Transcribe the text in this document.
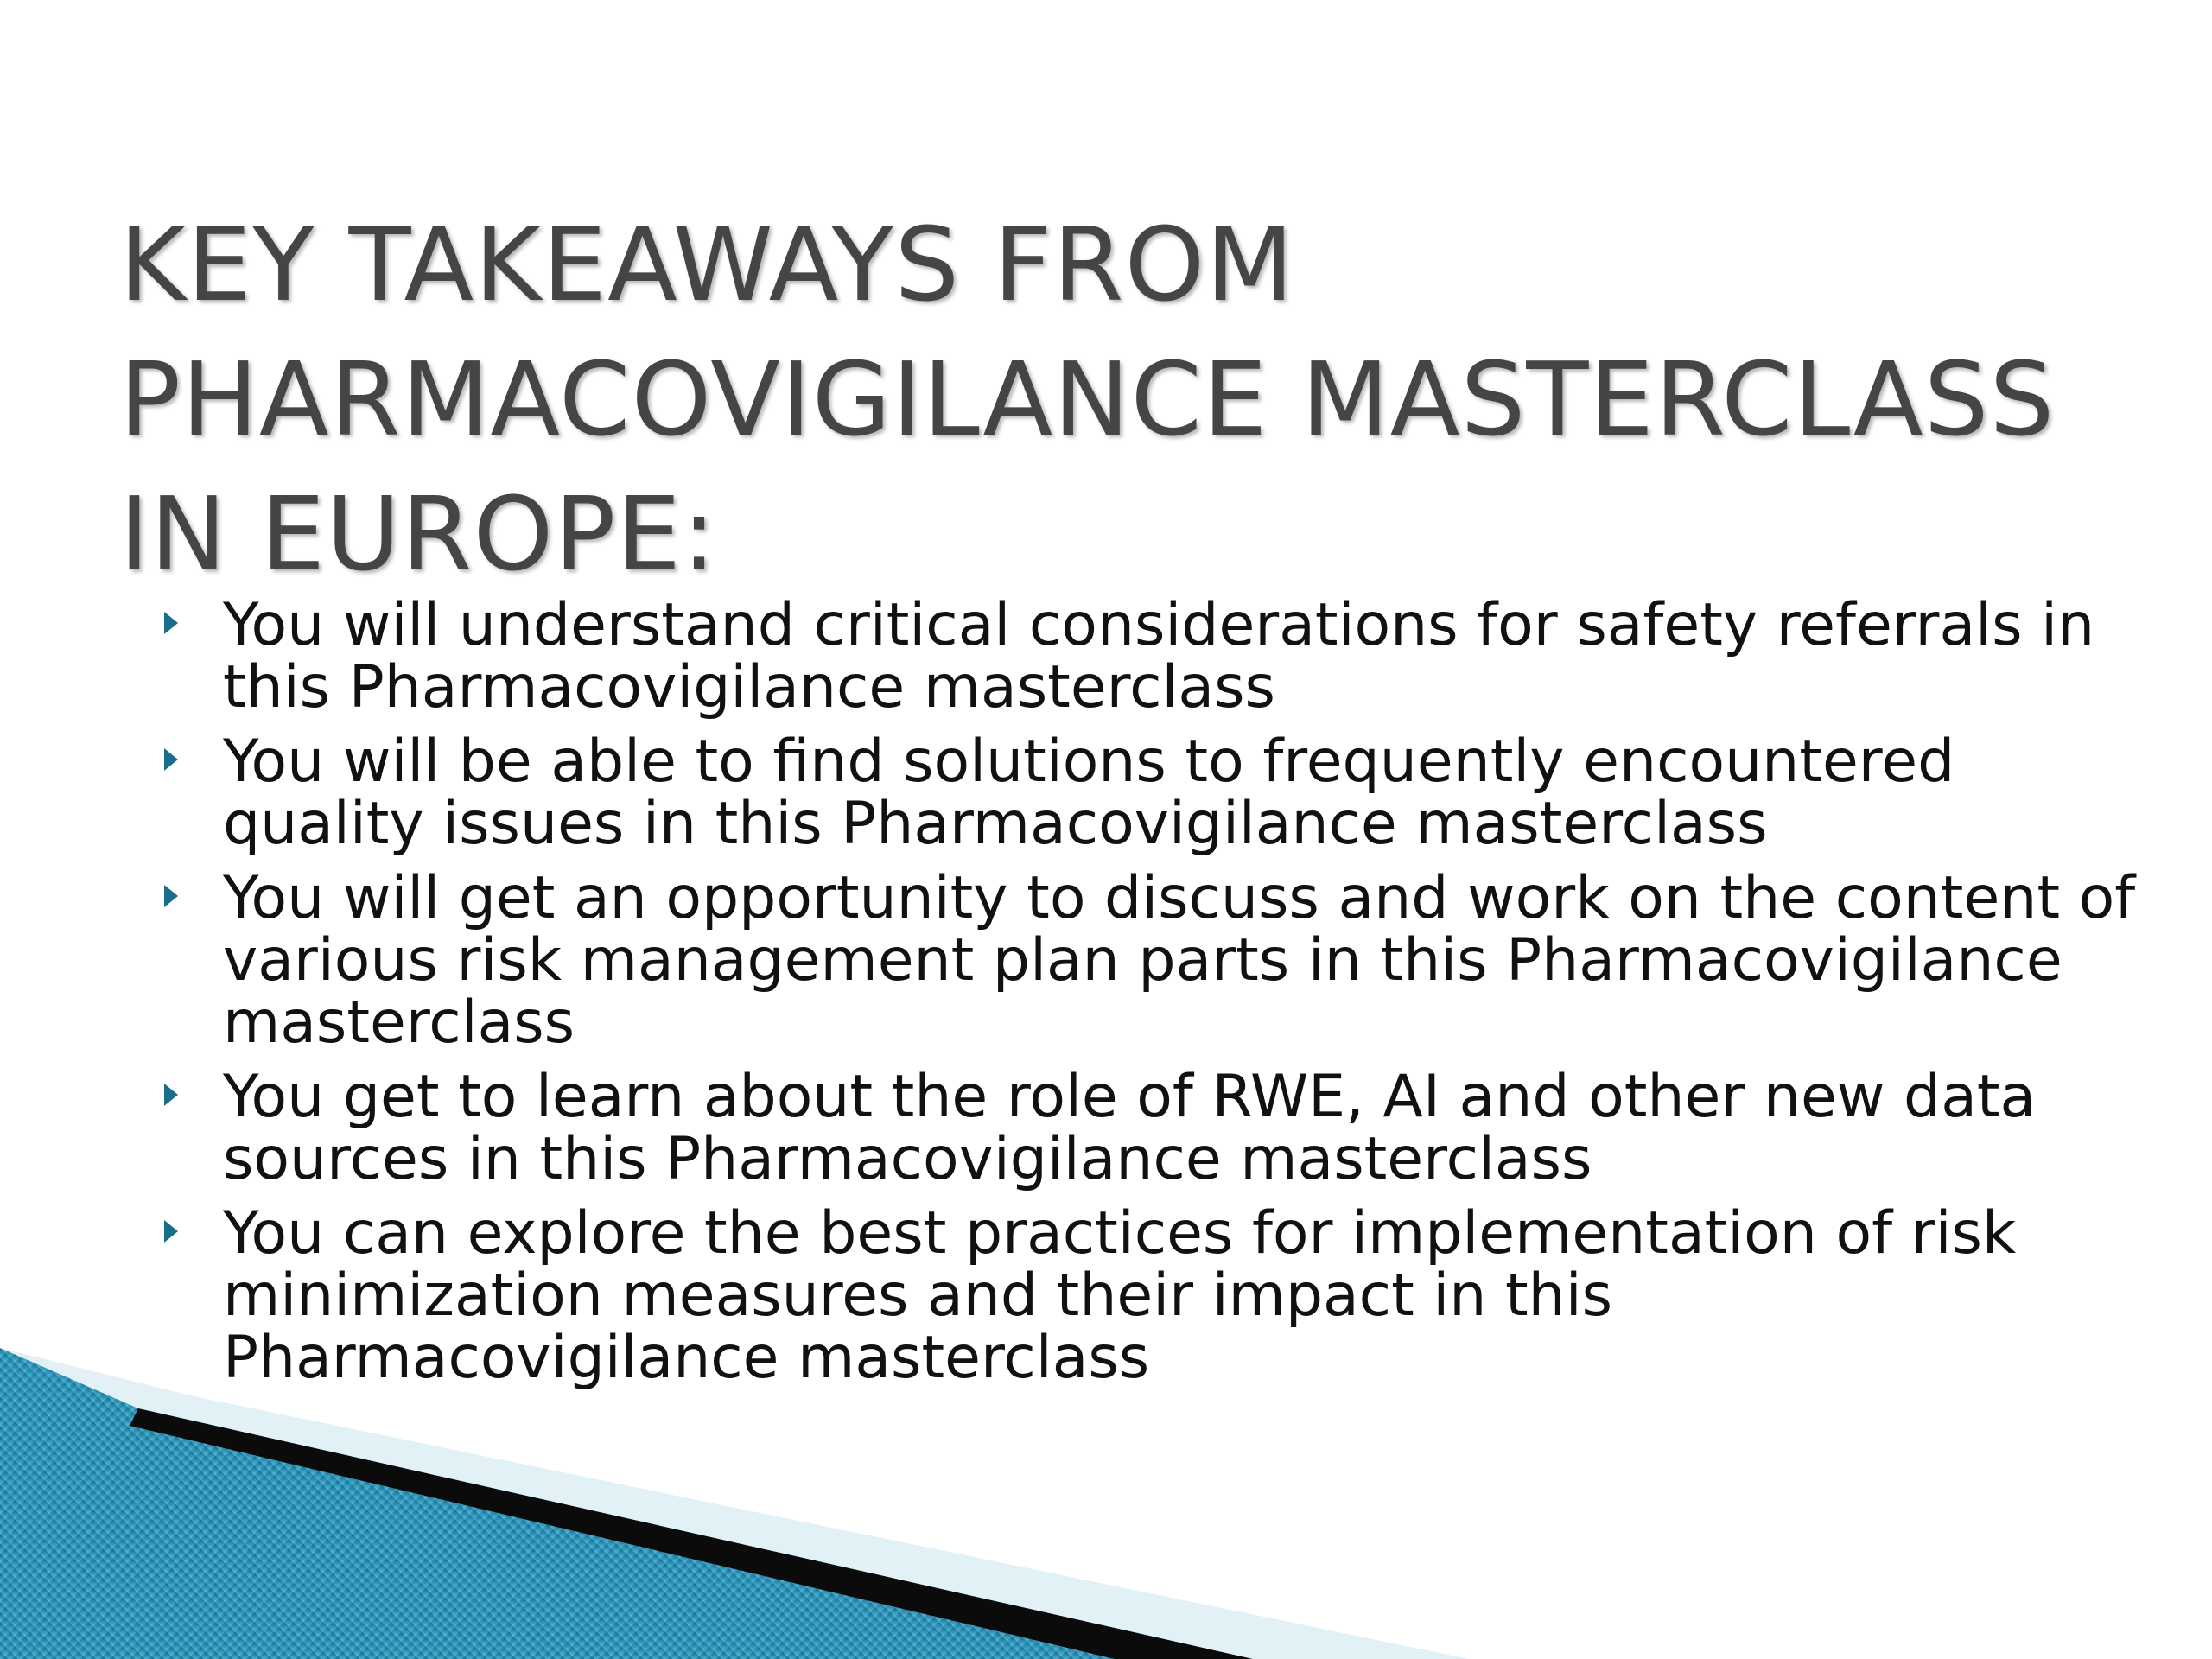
KEY TAKEAWAYS FROM
PHARMACOVIGILANCE MASTERCLASS
IN EUROPE:
You will understand critical considerations for safety referrals in this Pharmacovigilance masterclass
You will be able to find solutions to frequently encountered quality issues in this Pharmacovigilance masterclass
You will get an opportunity to discuss and work on the content of various risk management plan parts in this Pharmacovigilance masterclass
You get to learn about the role of RWE, AI and other new data sources in this Pharmacovigilance masterclass
You can explore the best practices for implementation of risk minimization measures and their impact in this Pharmacovigilance masterclass
